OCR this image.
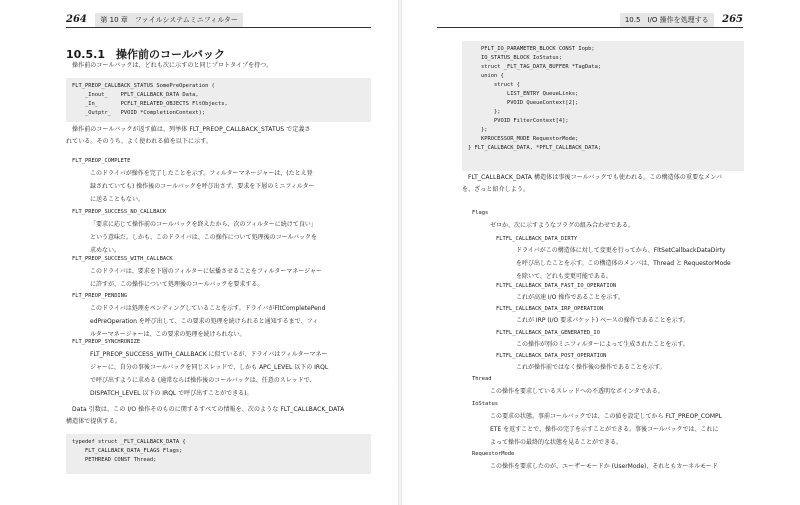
264 第 10 章　ファイルシステムミニフィルター
10.5.1　操作前のコールバック
操作前のコールバックは、どれも次に示すのと同じプロトタイプを持つ。
FLT_PREOP_CALLBACK_STATUS SomePreOperation (
_Inout_    PFLT_CALLBACK_DATA Data,
_In_       PCFLT_RELATED_OBJECTS FltObjects,
_Outptr_   PVOID *CompletionContext);
操作前のコールバックが返す値は、列挙体 FLT_PREOP_CALLBACK_STATUS で定義さ
れている。そのうち、よく使われる値を以下に示す。
FLT_PREOP_COMPLETE
このドライバが操作を完了したことを示す。フィルターマネージャーは、(たとえ登
録されていても) 操作後のコールバックを呼び出さず、要求を下層のミニフィルター
に送ることもない。
FLT_PREOP_SUCCESS_NO_CALLBACK
「要求に応じて操作前のコールバックを終えたから、次のフィルターに続けて良い」
という意味だ。しかも、このドライバは、この操作について処理後のコールバックを
求めない。
FLT_PREOP_SUCCESS_WITH_CALLBACK
このドライバは、要求を下層のフィルターに伝播させることをフィルターマネージャー
に許すが、この操作について処理後のコールバックを要求する。
FLT_PREOP_PENDING
このドライバは処理をペンディングしていることを示す。ドライバがFltCompletePend
edPreOperation を呼び出して、この要求の処理を続けられると通知するまで、フィ
ルターマネージャーは、この要求の処理を続けられない。
FLT_PREOP_SYNCHRONIZE
FLT_PREOP_SUCCESS_WITH_CALLBACK に似ているが、ドライバはフィルターマネー
ジャーに、自分の事後コールバックを同じスレッドで、しかも APC_LEVEL 以下の IRQL
で呼び出すように求める (通常ならば操作後のコールバックは、任意のスレッドで、
DISPATCH_LEVEL 以下の IRQL で呼び出すことができる)。
Data 引数は、この I/O 操作そのものに関するすべての情報を、次のような FLT_CALLBACK_DATA
構造体で提供する。
typedef struct _FLT_CALLBACK_DATA {
FLT_CALLBACK_DATA_FLAGS Flags;
PETHREAD CONST Thread;
10.5　I/O 操作を処理する 265
PFLT_IO_PARAMETER_BLOCK CONST Iopb;
IO_STATUS_BLOCK IoStatus;
struct _FLT_TAG_DATA_BUFFER *TagData;
union {
struct {
LIST_ENTRY QueueLinks;
PVOID QueueContext[2];
};
PVOID FilterContext[4];
};
KPROCESSOR_MODE RequestorMode;
} FLT_CALLBACK_DATA, *PFLT_CALLBACK_DATA;
FLT_CALLBACK_DATA 構造体は事後コールバックでも使われる。この構造体の重要なメンバ
を、ざっと紹介しよう。
Flags
ゼロか、次に示すようなフラグの組み合わせである。
FLTFL_CALLBACK_DATA_DIRTY
ドライバがこの構造体に対して変更を行ってから、FltSetCallbackDataDirty
を呼び出したことを示す。この構造体のメンバは、Thread と RequestorMode
を除いて、どれも変更可能である。
FLTFL_CALLBACK_DATA_FAST_IO_OPERATION
これが高速 I/O 操作であることを示す。
FLTFL_CALLBACK_DATA_IRP_OPERATION
これが IRP (I/O 要求パケット) ベースの操作であることを示す。
FLTFL_CALLBACK_DATA_GENERATED_IO
この操作が別のミニフィルターによって生成されたことを示す。
FLTFL_CALLBACK_DATA_POST_OPERATION
これが操作前ではなく操作後の操作であることを示す。
Thread
この操作を要求しているスレッドへの不透明なポインタである。
IoStatus
この要求の状態。事前コールバックでは、この値を設定してから FLT_PREOP_COMPL
ETE を返すことで、操作の完了を示すことができる。事後コールバックでは、これに
よって操作の最終的な状態を見ることができる。
RequestorMode
この操作を要求したのが、ユーザーモードか (UserMode)、それともカーネルモード
